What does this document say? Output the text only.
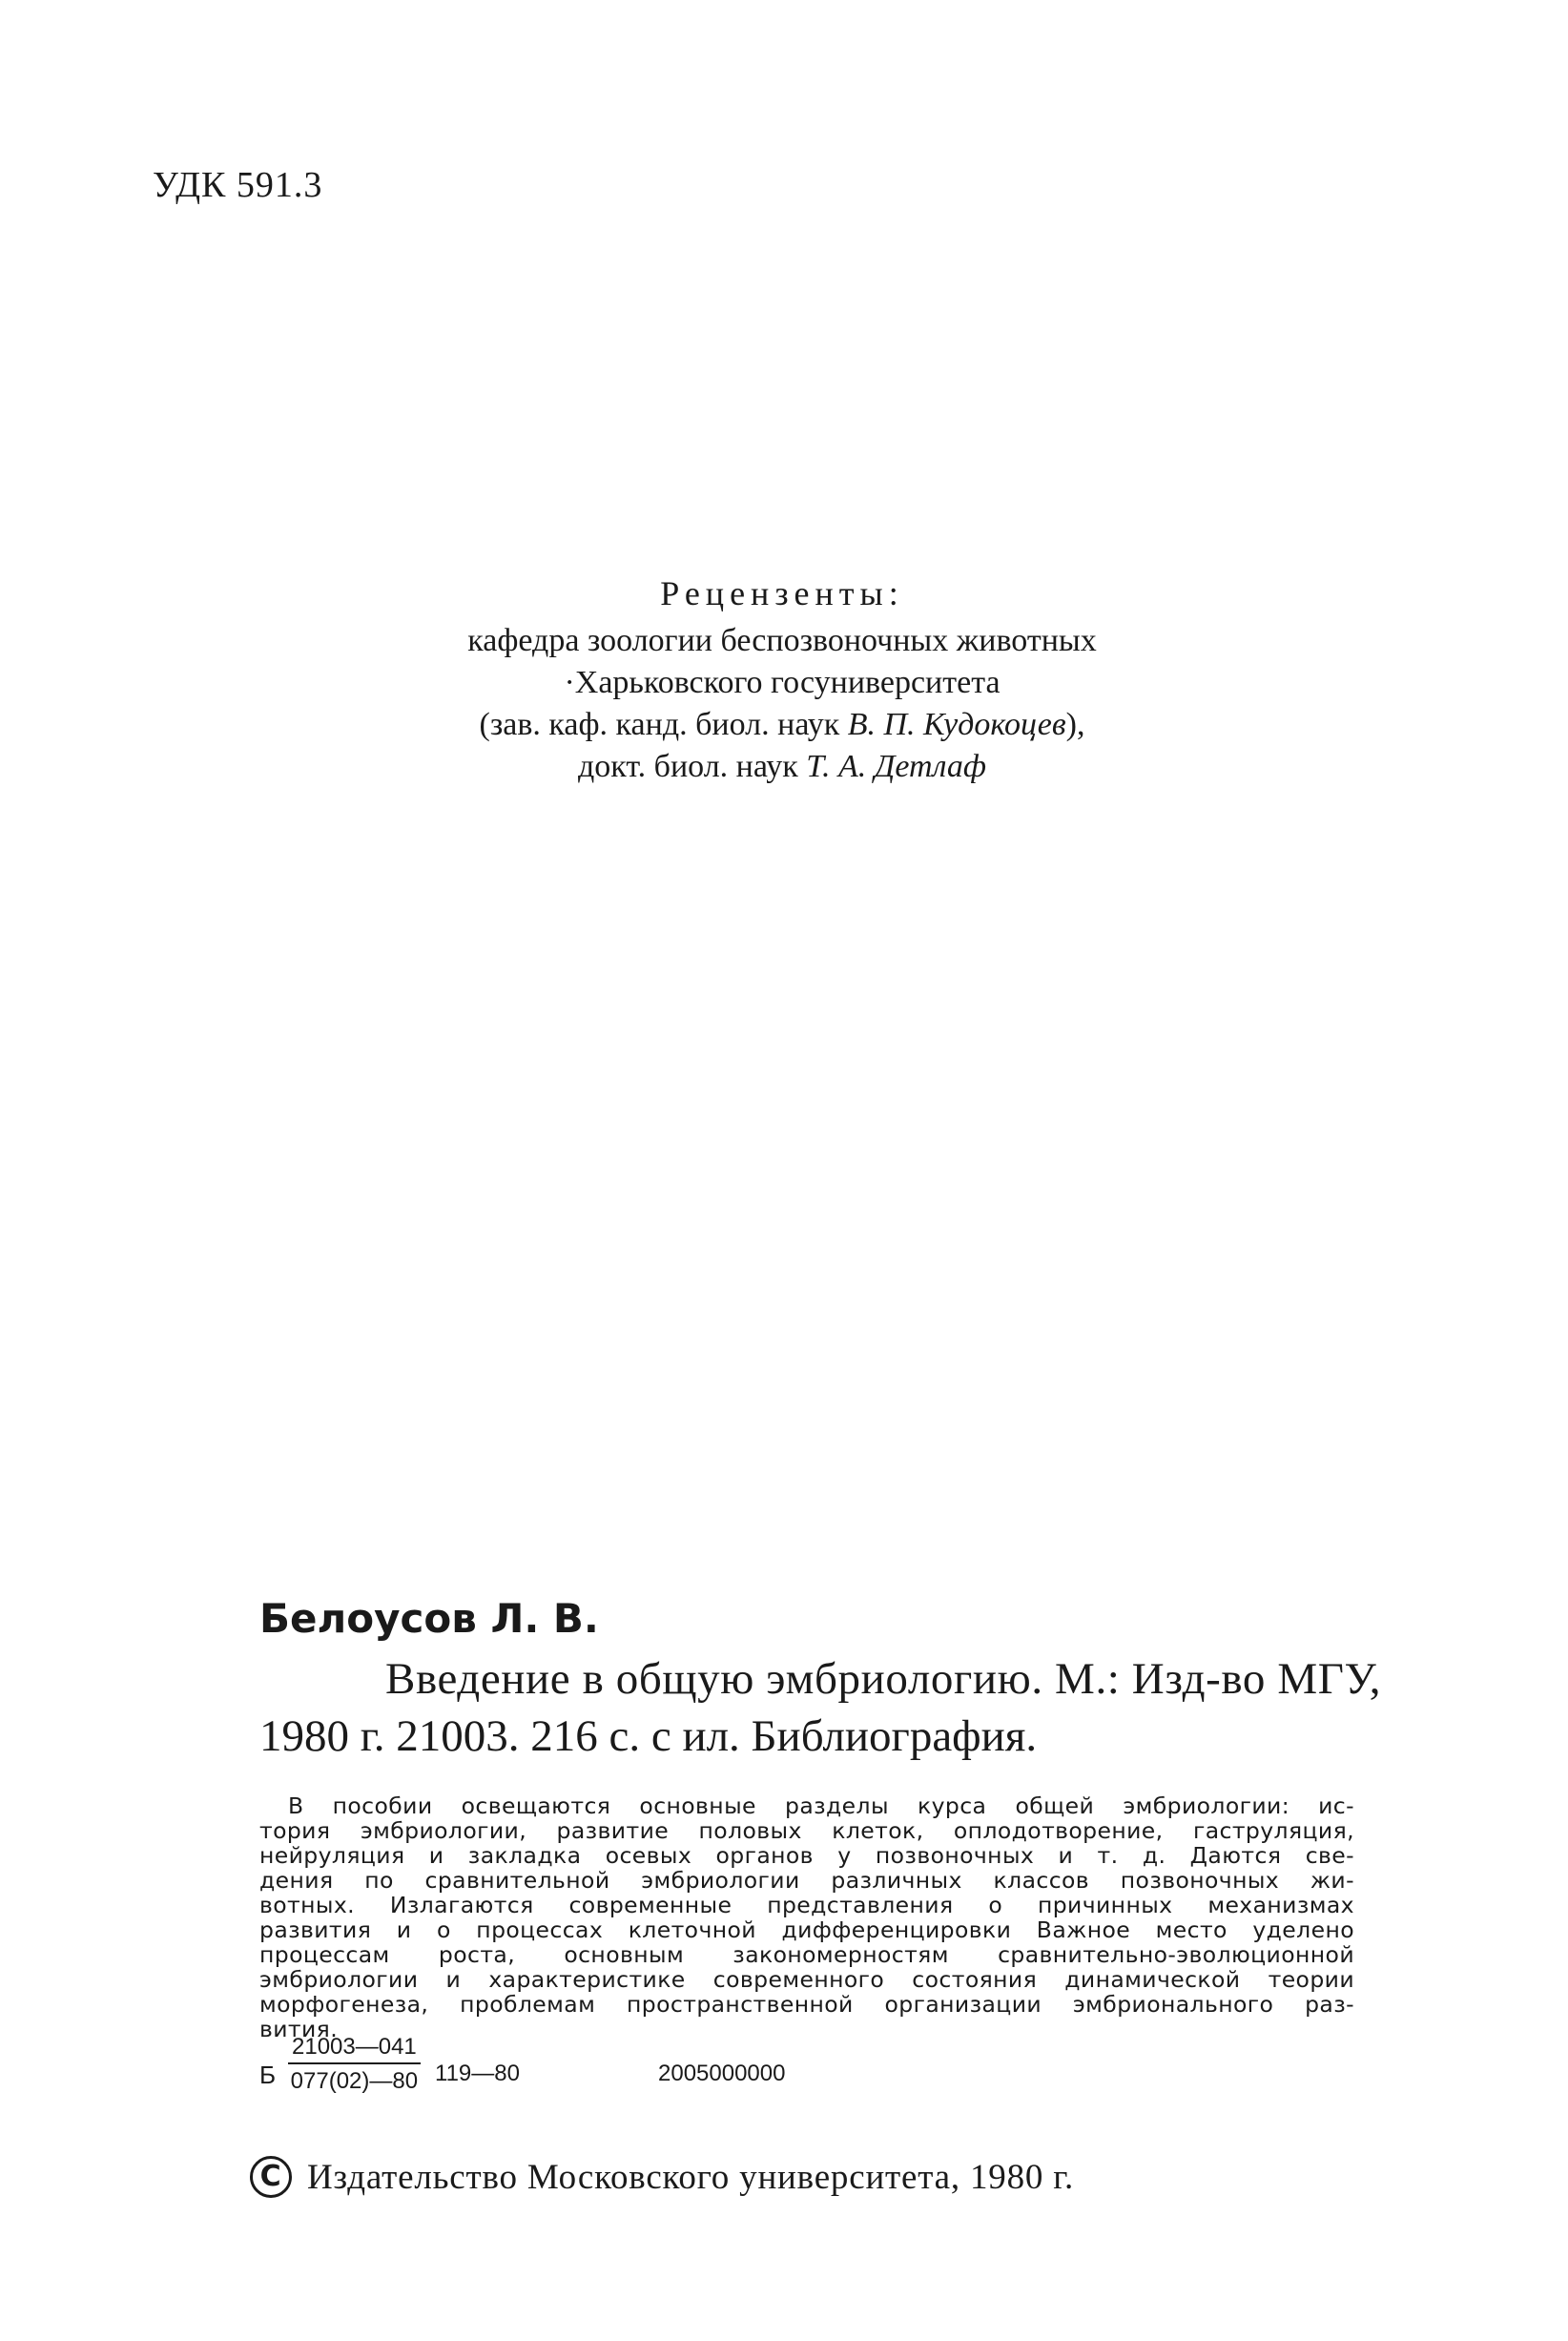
УДК 591.3
Рецензенты:
кафедра зоологии беспозвоночных животных
·Харьковского госуниверситета
(зав. каф. канд. биол. наук В. П. Кудокоцев),
докт. биол. наук Т. А. Детлаф
Белоусов Л. В.
Введение в общую эмбриологию. М.: Изд-во МГУ,
1980 г. 21003. 216 с. с ил. Библиография.
В пособии освещаются основные разделы курса общей эмбриологии: ис-
тория эмбриологии, развитие половых клеток, оплодотворение, гаструляция,
нейруляция и закладка осевых органов у позвоночных и т. д. Даются све-
дения по сравнительной эмбриологии различных классов позвоночных жи-
вотных. Излагаются современные представления о причинных механизмах
развития и о процессах клеточной дифференцировки Важное место уделено
процессам роста, основным закономерностям сравнительно-эволюционной
эмбриологии и характеристике современного состояния динамической теории
морфогенеза, проблемам пространственной организации эмбрионального раз-
вития.
Б $\frac{21003—041}{077(02)—80}$ 119—80	2005000000
C Издательство Московского университета, 1980 г.
